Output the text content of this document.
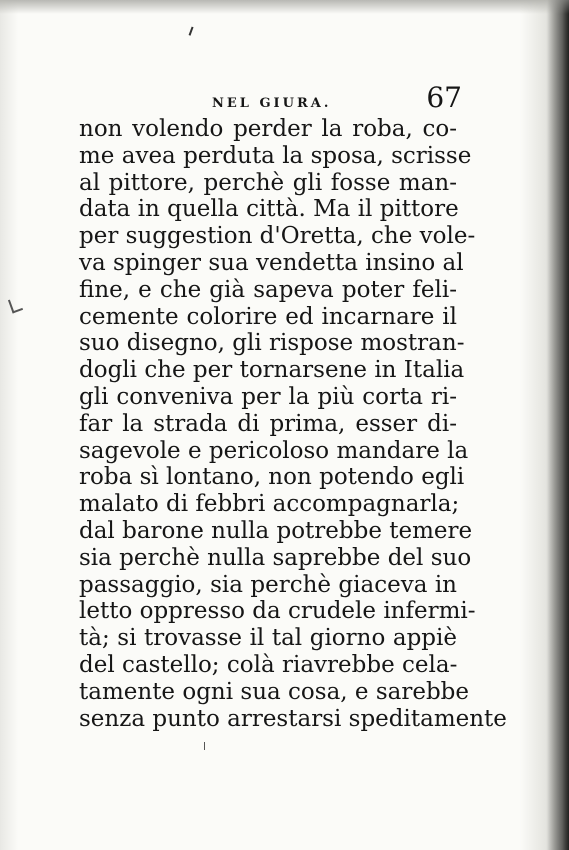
NEL GIURA.	67
non volendo perder la roba, co-
me avea perduta la sposa, scrisse
al pittore, perchè gli fosse man-
data in quella città. Ma il pittore
per suggestion d'Oretta, che vole-
va spinger sua vendetta insino al
fine, e che già sapeva poter feli-
cemente colorire ed incarnare il
suo disegno, gli rispose mostran-
dogli che per tornarsene in Italia
gli conveniva per la più corta ri-
far la strada di prima, esser di-
sagevole e pericoloso mandare la
roba sì lontano, non potendo egli
malato di febbri accompagnarla;
dal barone nulla potrebbe temere
sia perchè nulla saprebbe del suo
passaggio, sia perchè giaceva in
letto oppresso da crudele infermi-
tà; si trovasse il tal giorno appiè
del castello; colà riavrebbe cela-
tamente ogni sua cosa, e sarebbe
senza punto arrestarsi speditamente
